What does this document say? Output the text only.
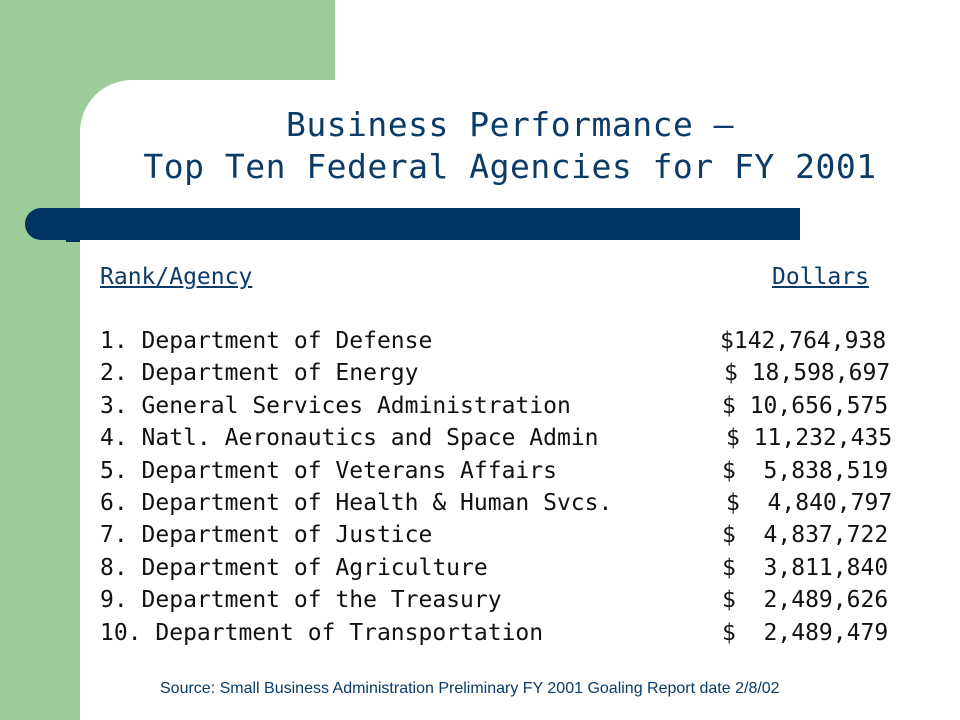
Business Performance –
Top Ten Federal Agencies for FY 2001
Rank/Agency	Dollars
1. Department of Defense	$142,764,938
2. Department of Energy	$ 18,598,697
3. General Services Administration	$ 10,656,575
4. Natl. Aeronautics and Space Admin	$ 11,232,435
5. Department of Veterans Affairs	$  5,838,519
6. Department of Health & Human Svcs.	$  4,840,797
7. Department of Justice	$  4,837,722
8. Department of Agriculture	$  3,811,840
9. Department of the Treasury	$  2,489,626
10. Department of Transportation	$  2,489,479
Source: Small Business Administration Preliminary FY 2001 Goaling Report date 2/8/02
